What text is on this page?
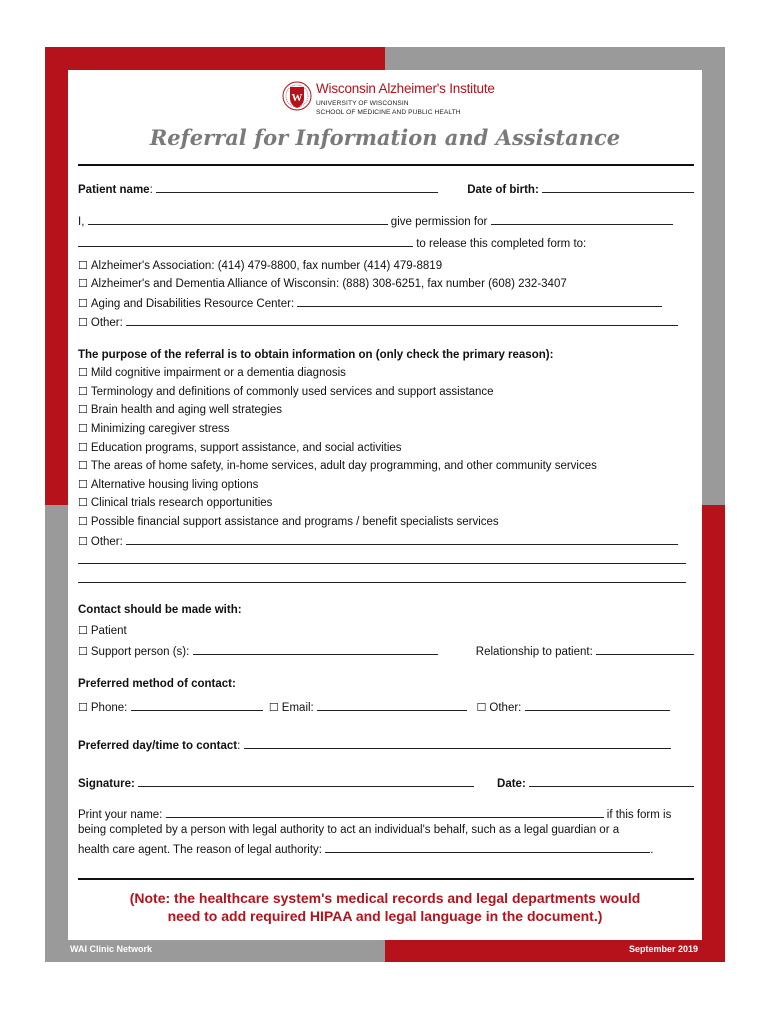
W
Wisconsin Alzheimer's Institute
UNIVERSITY OF WISCONSIN
SCHOOL OF MEDICINE AND PUBLIC HEALTH
Referral for Information and Assistance
Patient name:	Date of birth:
I,	give permission for
to release this completed form to:
☐ Alzheimer's Association: (414) 479-8800, fax number (414) 479-8819
☐ Alzheimer's and Dementia Alliance of Wisconsin: (888) 308-6251, fax number (608) 232-3407
☐ Aging and Disabilities Resource Center:
☐ Other:
The purpose of the referral is to obtain information on (only check the primary reason):
☐ Mild cognitive impairment or a dementia diagnosis
☐ Terminology and definitions of commonly used services and support assistance
☐ Brain health and aging well strategies
☐ Minimizing caregiver stress
☐ Education programs, support assistance, and social activities
☐ The areas of home safety, in-home services, adult day programming, and other community services
☐ Alternative housing living options
☐ Clinical trials research opportunities
☐ Possible financial support assistance and programs / benefit specialists services
☐ Other:
Contact should be made with:
☐ Patient
☐ Support person (s):	Relationship to patient:
Preferred method of contact:
☐ Phone:	☐ Email:	☐ Other:
Preferred day/time to contact:
Signature:	Date:
Print your name:	if this form is
being completed by a person with legal authority to act an individual's behalf, such as a legal guardian or a
health care agent. The reason of legal authority:	.
(Note: the healthcare system's medical records and legal departments would
need to add required HIPAA and legal language in the document.)
WAI Clinic Network	September 2019
